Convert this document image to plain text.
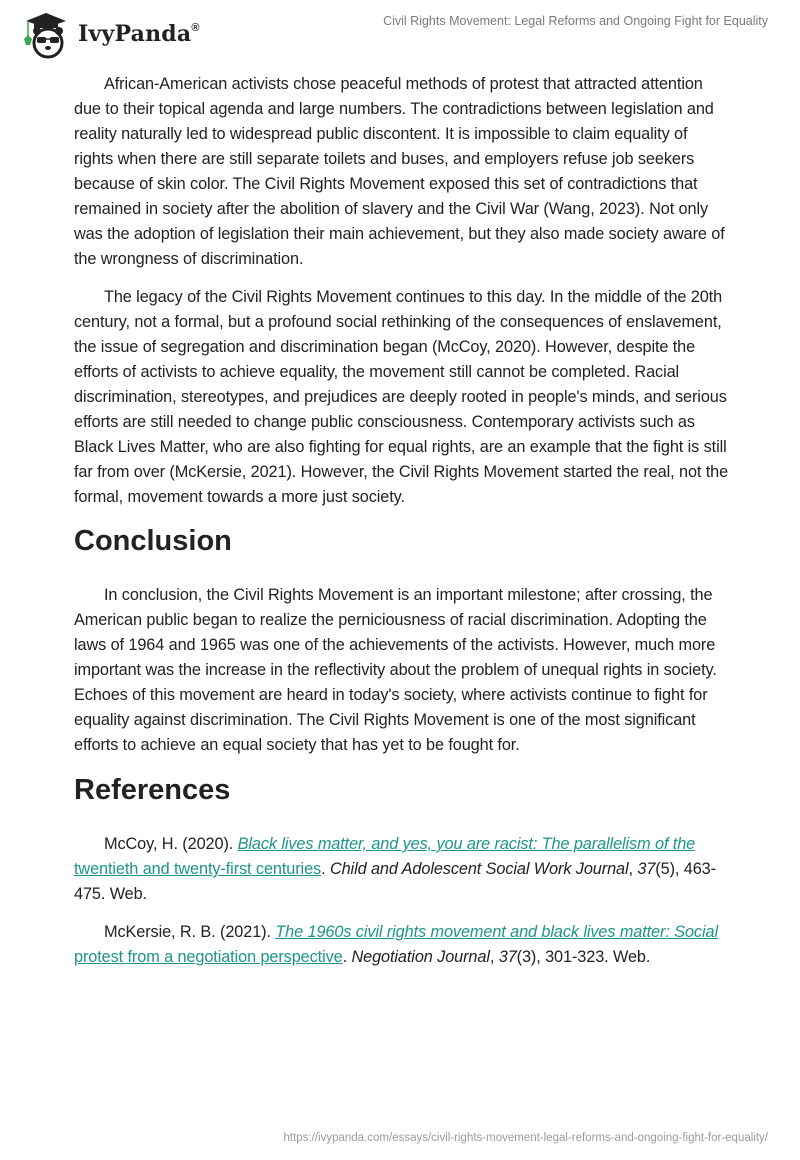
IvyPanda®	Civil Rights Movement: Legal Reforms and Ongoing Fight for Equality

African-American activists chose peaceful methods of protest that attracted attention due to their topical agenda and large numbers. The contradictions between legislation and reality naturally led to widespread public discontent. It is impossible to claim equality of rights when there are still separate toilets and buses, and employers refuse job seekers because of skin color. The Civil Rights Movement exposed this set of contradictions that remained in society after the abolition of slavery and the Civil War (Wang, 2023). Not only was the adoption of legislation their main achievement, but they also made society aware of the wrongness of discrimination.

The legacy of the Civil Rights Movement continues to this day. In the middle of the 20th century, not a formal, but a profound social rethinking of the consequences of enslavement, the issue of segregation and discrimination began (McCoy, 2020). However, despite the efforts of activists to achieve equality, the movement still cannot be completed. Racial discrimination, stereotypes, and prejudices are deeply rooted in people's minds, and serious efforts are still needed to change public consciousness. Contemporary activists such as Black Lives Matter, who are also fighting for equal rights, are an example that the fight is still far from over (McKersie, 2021). However, the Civil Rights Movement started the real, not the formal, movement towards a more just society.

Conclusion

In conclusion, the Civil Rights Movement is an important milestone; after crossing, the American public began to realize the perniciousness of racial discrimination. Adopting the laws of 1964 and 1965 was one of the achievements of the activists. However, much more important was the increase in the reflectivity about the problem of unequal rights in society. Echoes of this movement are heard in today's society, where activists continue to fight for equality against discrimination. The Civil Rights Movement is one of the most significant efforts to achieve an equal society that has yet to be fought for.

References

McCoy, H. (2020). Black lives matter, and yes, you are racist: The parallelism of the twentieth and twenty-first centuries. Child and Adolescent Social Work Journal, 37(5), 463-475. Web.

McKersie, R. B. (2021). The 1960s civil rights movement and black lives matter: Social protest from a negotiation perspective. Negotiation Journal, 37(3), 301-323. Web.

https://ivypanda.com/essays/civil-rights-movement-legal-reforms-and-ongoing-fight-for-equality/
